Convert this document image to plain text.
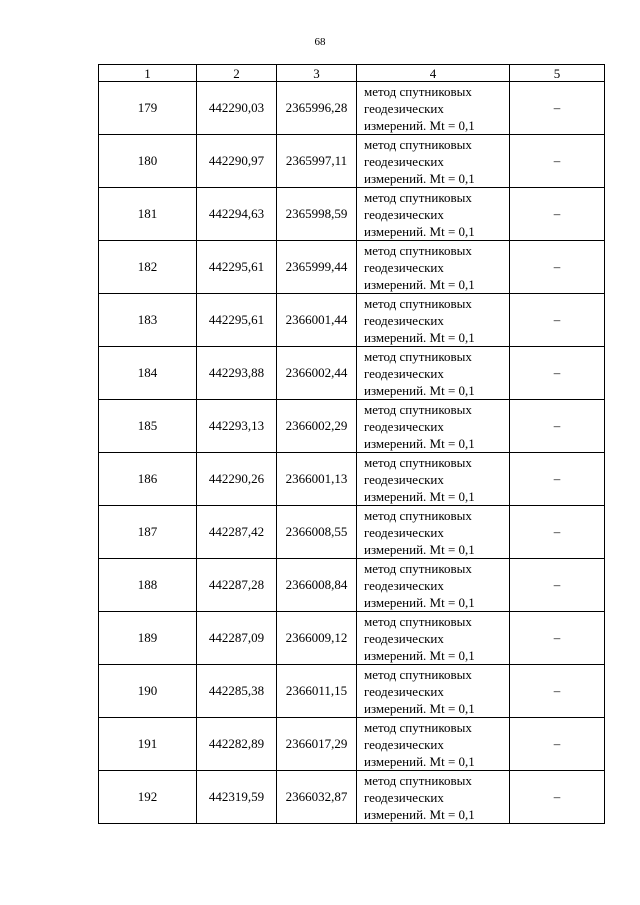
68
1	2	3	4	5
179	442290,03	2365996,28	метод спутниковых
геодезических
измерений. Mt = 0,1	–
180	442290,97	2365997,11	метод спутниковых
геодезических
измерений. Mt = 0,1	–
181	442294,63	2365998,59	метод спутниковых
геодезических
измерений. Mt = 0,1	–
182	442295,61	2365999,44	метод спутниковых
геодезических
измерений. Mt = 0,1	–
183	442295,61	2366001,44	метод спутниковых
геодезических
измерений. Mt = 0,1	–
184	442293,88	2366002,44	метод спутниковых
геодезических
измерений. Mt = 0,1	–
185	442293,13	2366002,29	метод спутниковых
геодезических
измерений. Mt = 0,1	–
186	442290,26	2366001,13	метод спутниковых
геодезических
измерений. Mt = 0,1	–
187	442287,42	2366008,55	метод спутниковых
геодезических
измерений. Mt = 0,1	–
188	442287,28	2366008,84	метод спутниковых
геодезических
измерений. Mt = 0,1	–
189	442287,09	2366009,12	метод спутниковых
геодезических
измерений. Mt = 0,1	–
190	442285,38	2366011,15	метод спутниковых
геодезических
измерений. Mt = 0,1	–
191	442282,89	2366017,29	метод спутниковых
геодезических
измерений. Mt = 0,1	–
192	442319,59	2366032,87	метод спутниковых
геодезических
измерений. Mt = 0,1	–
